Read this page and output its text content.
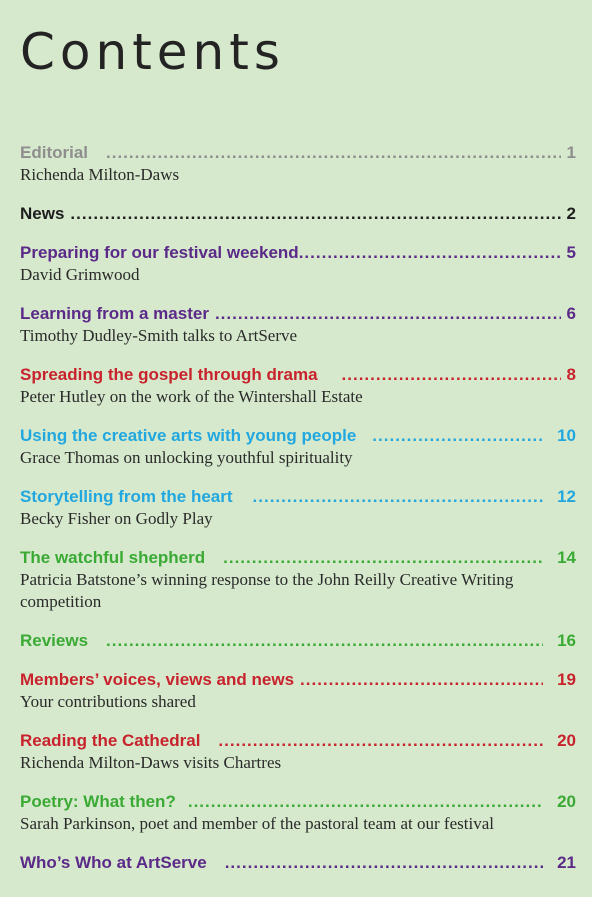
Contents
Editorial .....	1
Richenda Milton-Daws
News .....	2
Preparing for our festival weekend .....	5
David Grimwood
Learning from a master .....	6
Timothy Dudley-Smith talks to ArtServe
Spreading the gospel through drama .....	8
Peter Hutley on the work of the Wintershall Estate
Using the creative arts with young people .....	10
Grace Thomas on unlocking youthful spirituality
Storytelling from the heart .....	12
Becky Fisher on Godly Play
The watchful shepherd .....	14
Patricia Batstone’s winning response to the John Reilly Creative Writing competition
Reviews .....	16
Members’ voices, views and news .....	19
Your contributions shared
Reading the Cathedral .....	20
Richenda Milton-Daws visits Chartres
Poetry: What then? .....	20
Sarah Parkinson, poet and member of the pastoral team at our festival
Who’s Who at ArtServe .....	21
